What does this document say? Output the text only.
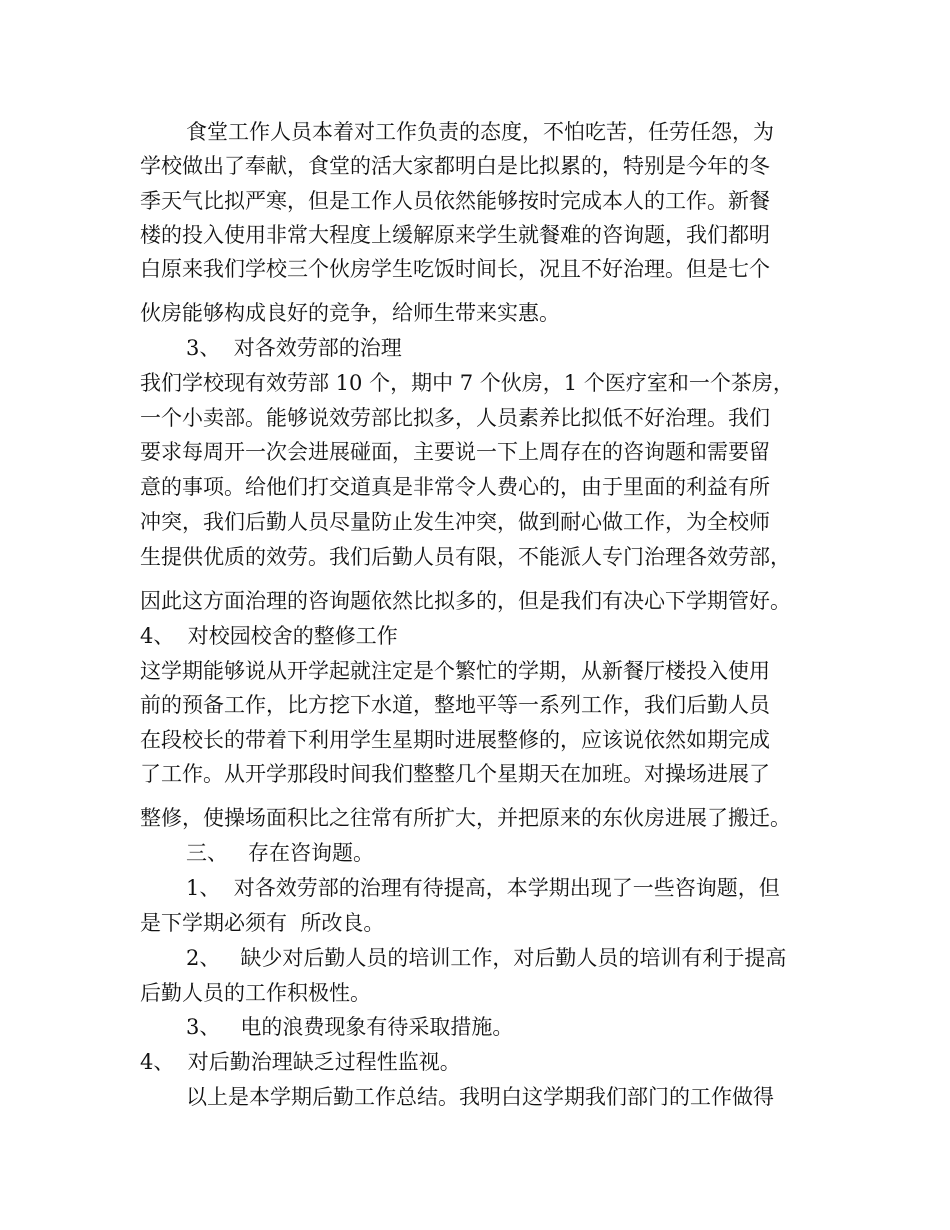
食堂工作人员本着对工作负责的态度，不怕吃苦，任劳任怨，为
学校做出了奉献，食堂的活大家都明白是比拟累的，特别是今年的冬
季天气比拟严寒，但是工作人员依然能够按时完成本人的工作。新餐
楼的投入使用非常大程度上缓解原来学生就餐难的咨询题，我们都明
白原来我们学校三个伙房学生吃饭时间长，况且不好治理。但是七个
伙房能够构成良好的竞争，给师生带来实惠。
3、  对各效劳部的治理
我们学校现有效劳部 10 个，期中 7 个伙房，1 个医疗室和一个茶房，
一个小卖部。能够说效劳部比拟多，人员素养比拟低不好治理。我们
要求每周开一次会进展碰面，主要说一下上周存在的咨询题和需要留
意的事项。给他们打交道真是非常令人费心的，由于里面的利益有所
冲突，我们后勤人员尽量防止发生冲突，做到耐心做工作，为全校师
生提供优质的效劳。我们后勤人员有限，不能派人专门治理各效劳部，
因此这方面治理的咨询题依然比拟多的，但是我们有决心下学期管好。
4、  对校园校舍的整修工作
这学期能够说从开学起就注定是个繁忙的学期，从新餐厅楼投入使用
前的预备工作，比方挖下水道，整地平等一系列工作，我们后勤人员
在段校长的带着下利用学生星期时进展整修的，应该说依然如期完成
了工作。从开学那段时间我们整整几个星期天在加班。对操场进展了
整修，使操场面积比之往常有所扩大，并把原来的东伙房进展了搬迁。
三、   存在咨询题。
1、  对各效劳部的治理有待提高，本学期出现了一些咨询题，但
是下学期必须有  所改良。
2、   缺少对后勤人员的培训工作，对后勤人员的培训有利于提高
后勤人员的工作积极性。
3、   电的浪费现象有待采取措施。
4、  对后勤治理缺乏过程性监视。
以上是本学期后勤工作总结。我明白这学期我们部门的工作做得
